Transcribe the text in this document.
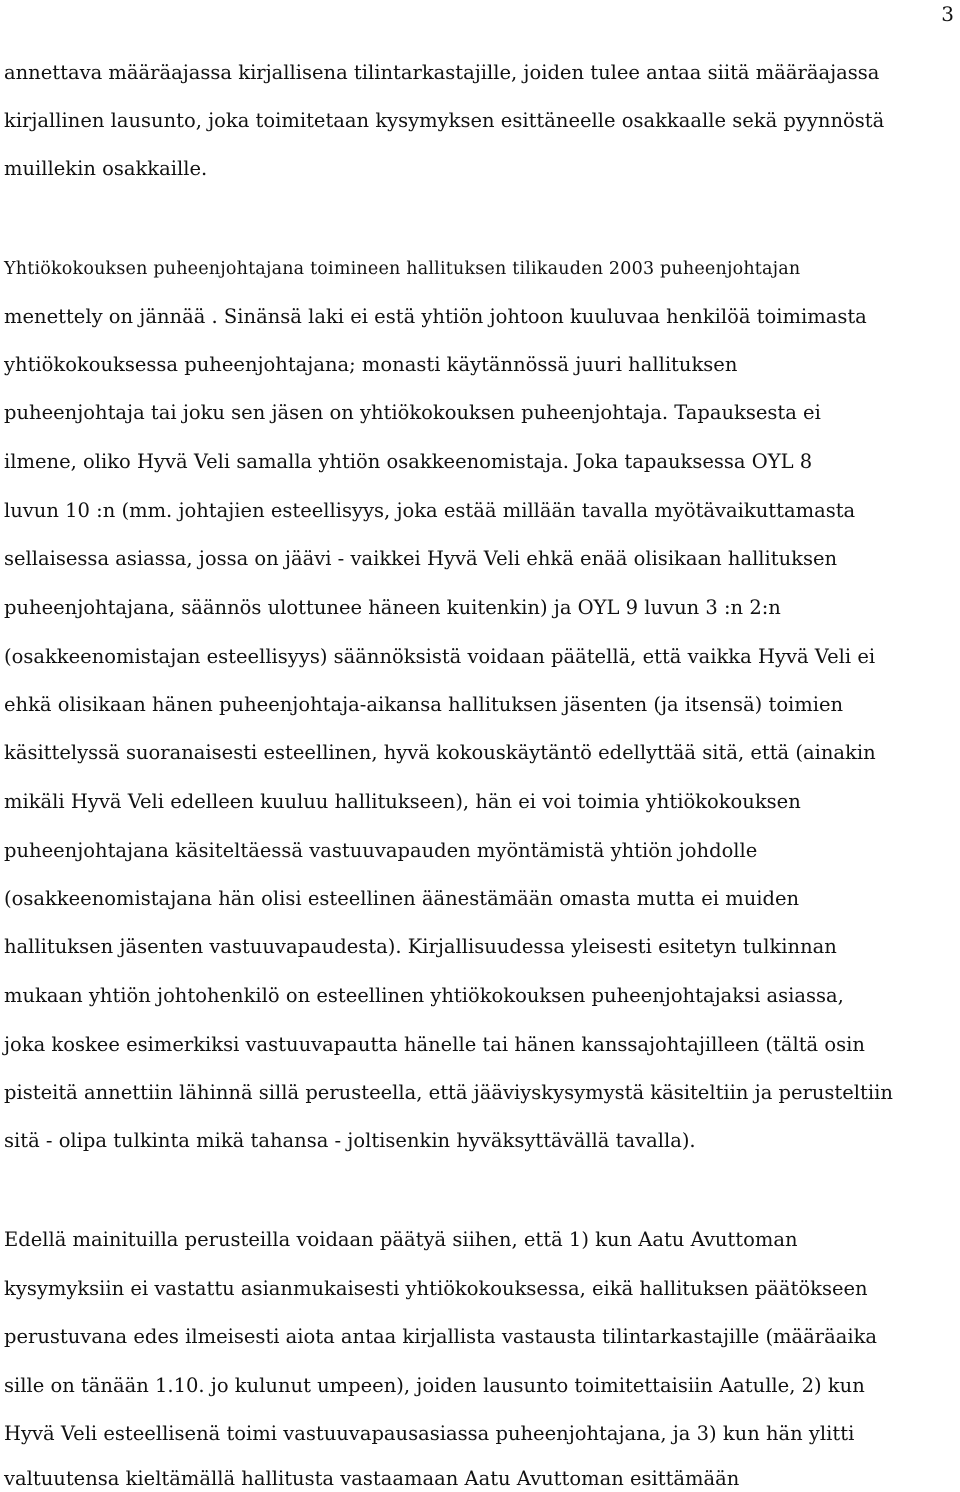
3
annettava määräajassa kirjallisena tilintarkastajille, joiden tulee antaa siitä määräajassa
kirjallinen lausunto, joka toimitetaan kysymyksen esittäneelle osakkaalle sekä pyynnöstä
muillekin osakkaille.
Yhtiökokouksen puheenjohtajana toimineen hallituksen tilikauden 2003 puheenjohtajan
menettely on jännää . Sinänsä laki ei estä yhtiön johtoon kuuluvaa henkilöä toimimasta
yhtiökokouksessa puheenjohtajana; monasti käytännössä juuri hallituksen
puheenjohtaja tai joku sen jäsen on yhtiökokouksen puheenjohtaja. Tapauksesta ei
ilmene, oliko Hyvä Veli samalla yhtiön osakkeenomistaja. Joka tapauksessa OYL 8
luvun 10 :n (mm. johtajien esteellisyys, joka estää millään tavalla myötävaikuttamasta
sellaisessa asiassa, jossa on jäävi - vaikkei Hyvä Veli ehkä enää olisikaan hallituksen
puheenjohtajana, säännös ulottunee häneen kuitenkin) ja OYL 9 luvun 3 :n 2:n
(osakkeenomistajan esteellisyys) säännöksistä voidaan päätellä, että vaikka Hyvä Veli ei
ehkä olisikaan hänen puheenjohtaja-aikansa hallituksen jäsenten (ja itsensä) toimien
käsittelyssä suoranaisesti esteellinen, hyvä kokouskäytäntö edellyttää sitä, että (ainakin
mikäli Hyvä Veli edelleen kuuluu hallitukseen), hän ei voi toimia yhtiökokouksen
puheenjohtajana käsiteltäessä vastuuvapauden myöntämistä yhtiön johdolle
(osakkeenomistajana hän olisi esteellinen äänestämään omasta mutta ei muiden
hallituksen jäsenten vastuuvapaudesta). Kirjallisuudessa yleisesti esitetyn tulkinnan
mukaan yhtiön johtohenkilö on esteellinen yhtiökokouksen puheenjohtajaksi asiassa,
joka koskee esimerkiksi vastuuvapautta hänelle tai hänen kanssajohtajilleen (tältä osin
pisteitä annettiin lähinnä sillä perusteella, että jääviyskysymystä käsiteltiin ja perusteltiin
sitä - olipa tulkinta mikä tahansa - joltisenkin hyväksyttävällä tavalla).
Edellä mainituilla perusteilla voidaan päätyä siihen, että 1) kun Aatu Avuttoman
kysymyksiin ei vastattu asianmukaisesti yhtiökokouksessa, eikä hallituksen päätökseen
perustuvana edes ilmeisesti aiota antaa kirjallista vastausta tilintarkastajille (määräaika
sille on tänään 1.10. jo kulunut umpeen), joiden lausunto toimitettaisiin Aatulle, 2) kun
Hyvä Veli esteellisenä toimi vastuuvapausasiassa puheenjohtajana, ja 3) kun hän ylitti
valtuutensa kieltämällä hallitusta vastaamaan Aatu Avuttoman esittämään
